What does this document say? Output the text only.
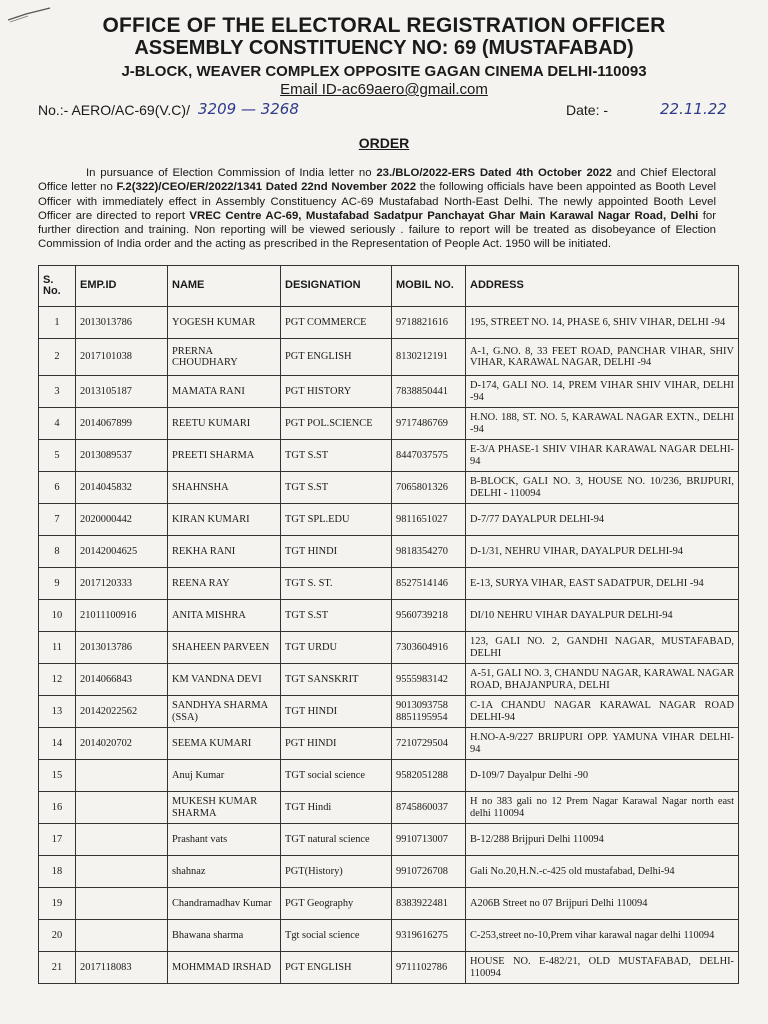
OFFICE OF THE ELECTORAL REGISTRATION OFFICER
ASSEMBLY CONSTITUENCY NO: 69 (MUSTAFABAD)
J-BLOCK, WEAVER COMPLEX OPPOSITE GAGAN CINEMA DELHI-110093
Email ID-ac69aero@gmail.com
No.:- AERO/AC-69(V.C)/ 3209 — 3268	Date: -	22.11.22
ORDER
In pursuance of Election Commission of India letter no 23./BLO/2022-ERS Dated 4th October 2022 and Chief Electoral Office letter no F.2(322)/CEO/ER/2022/1341 Dated 22nd November 2022 the following officials have been appointed as Booth Level Officer with immediately effect in Assembly Constituency AC-69 Mustafabad North-East Delhi. The newly appointed Booth Level Officer are directed to report VREC Centre AC-69, Mustafabad Sadatpur Panchayat Ghar Main Karawal Nagar Road, Delhi for further direction and training. Non reporting will be viewed seriously . failure to report will be treated as disobeyance of Election Commission of India order and the acting as prescribed in the Representation of People Act. 1950 will be initiated.
S. No.	EMP.ID	NAME	DESIGNATION	MOBIL NO.	ADDRESS
1	2013013786	YOGESH KUMAR	PGT COMMERCE	9718821616	195, STREET NO. 14, PHASE 6, SHIV VIHAR, DELHI -94
2	2017101038	PRERNA CHOUDHARY	PGT ENGLISH	8130212191	A-1, G.NO. 8, 33 FEET ROAD, PANCHAR VIHAR, SHIV VIHAR, KARAWAL NAGAR, DELHI -94
3	2013105187	MAMATA RANI	PGT HISTORY	7838850441	D-174, GALI NO. 14, PREM VIHAR SHIV VIHAR, DELHI -94
4	2014067899	REETU KUMARI	PGT POL.SCIENCE	9717486769	H.NO. 188, ST. NO. 5, KARAWAL NAGAR EXTN., DELHI -94
5	2013089537	PREETI SHARMA	TGT S.ST	8447037575	E-3/A PHASE-1 SHIV VIHAR KARAWAL NAGAR DELHI-94
6	2014045832	SHAHNSHA	TGT S.ST	7065801326	B-BLOCK, GALI NO. 3, HOUSE NO. 10/236, BRIJPURI, DELHI - 110094
7	2020000442	KIRAN KUMARI	TGT SPL.EDU	9811651027	D-7/77 DAYALPUR DELHI-94
8	20142004625	REKHA RANI	TGT HINDI	9818354270	D-1/31, NEHRU VIHAR, DAYALPUR DELHI-94
9	2017120333	REENA RAY	TGT S. ST.	8527514146	E-13, SURYA VIHAR, EAST SADATPUR, DELHI -94
10	21011100916	ANITA MISHRA	TGT S.ST	9560739218	DI/10 NEHRU VIHAR DAYALPUR DELHI-94
11	2013013786	SHAHEEN PARVEEN	TGT URDU	7303604916	123, GALI NO. 2, GANDHI NAGAR, MUSTAFABAD, DELHI
12	2014066843	KM VANDNA DEVI	TGT SANSKRIT	9555983142	A-51, GALI NO. 3, CHANDU NAGAR, KARAWAL NAGAR ROAD, BHAJANPURA, DELHI
13	20142022562	SANDHYA SHARMA (SSA)	TGT HINDI	9013093758 8851195954	C-1A CHANDU NAGAR KARAWAL NAGAR ROAD DELHI-94
14	2014020702	SEEMA KUMARI	PGT HINDI	7210729504	H.NO-A-9/227 BRIJPURI OPP. YAMUNA VIHAR DELHI-94
15		Anuj Kumar	TGT social science	9582051288	D-109/7 Dayalpur Delhi -90
16		MUKESH KUMAR SHARMA	TGT Hindi	8745860037	H no 383 gali no 12 Prem Nagar Karawal Nagar north east delhi 110094
17		Prashant vats	TGT natural science	9910713007	B-12/288 Brijpuri Delhi 110094
18		shahnaz	PGT(History)	9910726708	Gali No.20,H.N.-c-425 old mustafabad, Delhi-94
19		Chandramadhav Kumar	PGT Geography	8383922481	A206B Street no 07 Brijpuri Delhi 110094
20		Bhawana sharma	Tgt social science	9319616275	C-253,street no-10,Prem vihar karawal nagar delhi 110094
21	2017118083	MOHMMAD IRSHAD	PGT ENGLISH	9711102786	HOUSE NO. E-482/21, OLD MUSTAFABAD, DELHI-110094
